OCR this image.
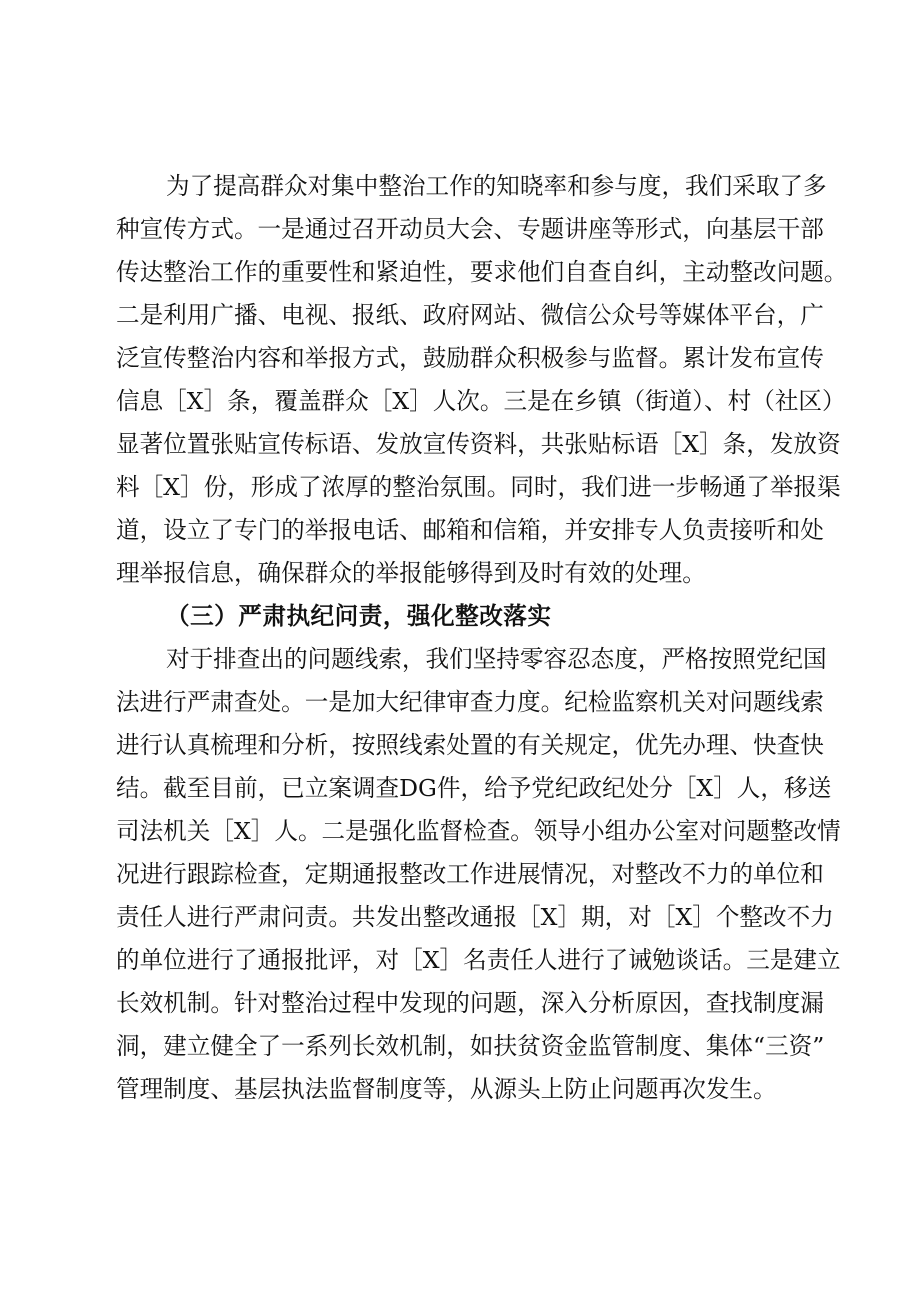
为了提高群众对集中整治工作的知晓率和参与度，我们采取了多
种宣传方式。一是通过召开动员大会、专题讲座等形式，向基层干部
传达整治工作的重要性和紧迫性，要求他们自查自纠，主动整改问题。
二是利用广播、电视、报纸、政府网站、微信公众号等媒体平台，广
泛宣传整治内容和举报方式，鼓励群众积极参与监督。累计发布宣传
信息［X］条，覆盖群众［X］人次。三是在乡镇（街道）、村（社区）
显著位置张贴宣传标语、发放宣传资料，共张贴标语［X］条，发放资
料［X］份，形成了浓厚的整治氛围。同时，我们进一步畅通了举报渠
道，设立了专门的举报电话、邮箱和信箱，并安排专人负责接听和处
理举报信息，确保群众的举报能够得到及时有效的处理。
（三）严肃执纪问责，强化整改落实
对于排查出的问题线索，我们坚持零容忍态度，严格按照党纪国
法进行严肃查处。一是加大纪律审查力度。纪检监察机关对问题线索
进行认真梳理和分析，按照线索处置的有关规定，优先办理、快查快
结。截至目前，已立案调查DG件，给予党纪政纪处分［X］人，移送
司法机关［X］人。二是强化监督检查。领导小组办公室对问题整改情
况进行跟踪检查，定期通报整改工作进展情况，对整改不力的单位和
责任人进行严肃问责。共发出整改通报［X］期，对［X］个整改不力
的单位进行了通报批评，对［X］名责任人进行了诫勉谈话。三是建立
长效机制。针对整治过程中发现的问题，深入分析原因，查找制度漏
洞，建立健全了一系列长效机制，如扶贫资金监管制度、集体“三资”
管理制度、基层执法监督制度等，从源头上防止问题再次发生。
